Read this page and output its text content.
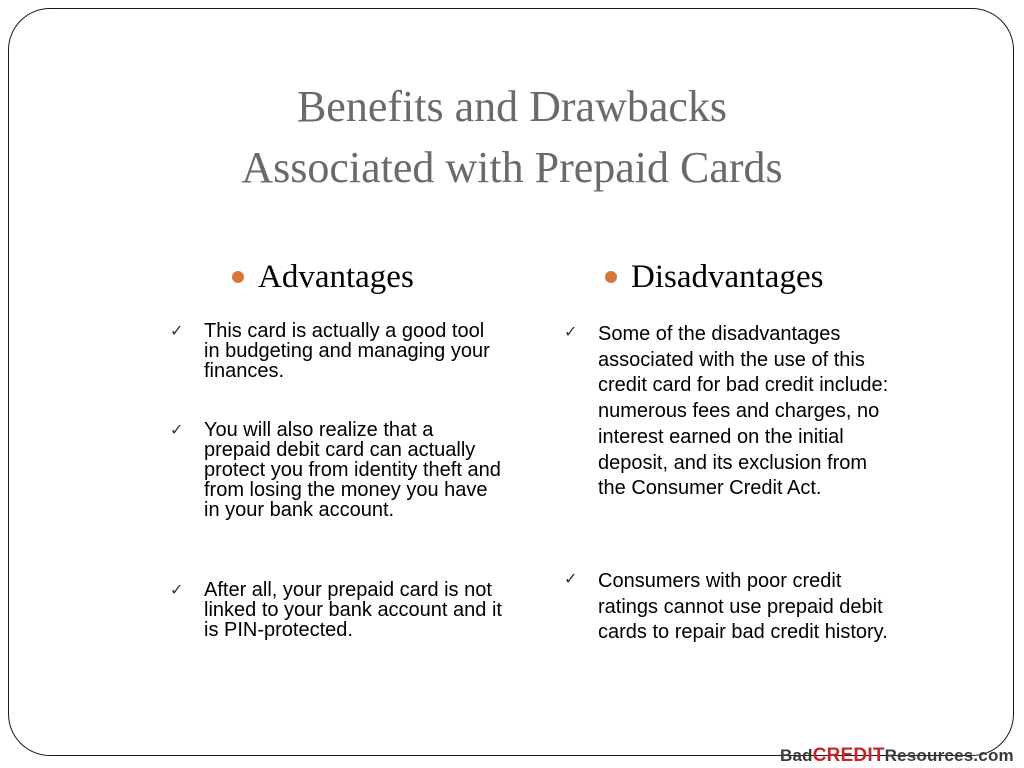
Benefits and Drawbacks
Associated with Prepaid Cards
Advantages	Disadvantages
✓ This card is actually a good tool in budgeting and managing your finances.
✓ You will also realize that a prepaid debit card can actually protect you from identity theft and from losing the money you have in your bank account.
✓ After all, your prepaid card is not linked to your bank account and it is PIN-protected.
✓ Some of the disadvantages associated with the use of this credit card for bad credit include: numerous fees and charges, no interest earned on the initial deposit, and its exclusion from the Consumer Credit Act.
✓ Consumers with poor credit ratings cannot use prepaid debit cards to repair bad credit history.
BadCREDITResources.com
